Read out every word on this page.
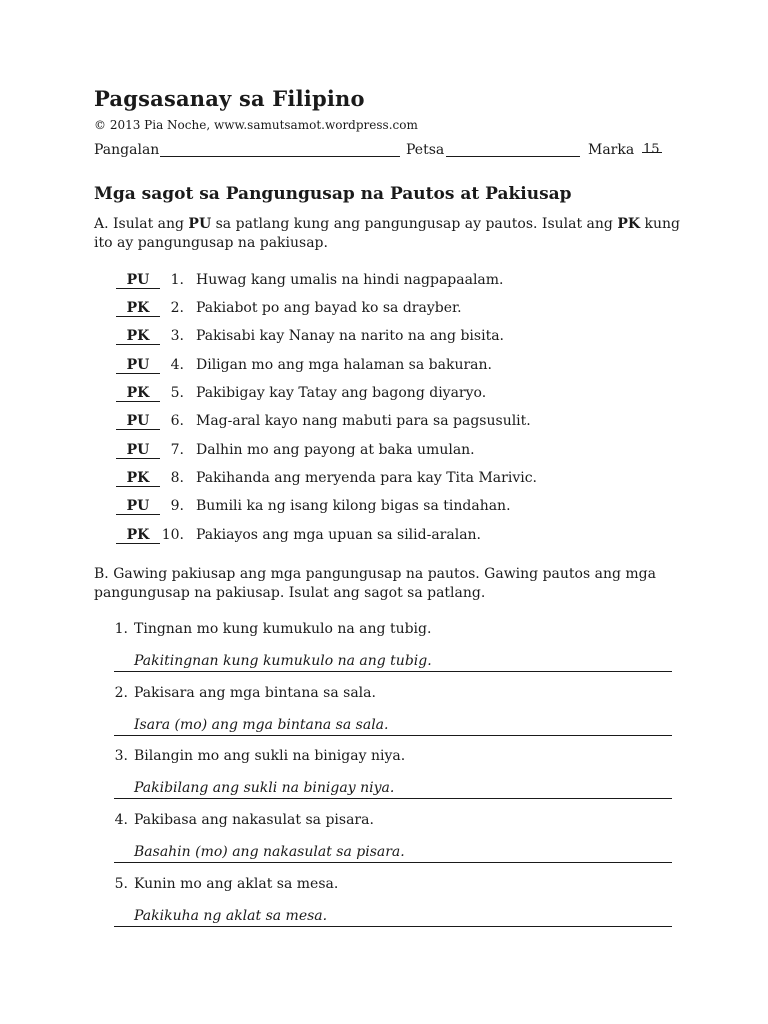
Pagsasanay sa Filipino
© 2013 Pia Noche, www.samutsamot.wordpress.com
Pangalan	Petsa	Marka 15
Mga sagot sa Pangungusap na Pautos at Pakiusap
A. Isulat ang PU sa patlang kung ang pangungusap ay pautos. Isulat ang PK kung ito ay pangungusap na pakiusap.
PU	1. Huwag kang umalis na hindi nagpapaalam.
PK	2. Pakiabot po ang bayad ko sa drayber.
PK	3. Pakisabi kay Nanay na narito na ang bisita.
PU	4. Diligan mo ang mga halaman sa bakuran.
PK	5. Pakibigay kay Tatay ang bagong diyaryo.
PU	6. Mag-aral kayo nang mabuti para sa pagsusulit.
PU	7. Dalhin mo ang payong at baka umulan.
PK	8. Pakihanda ang meryenda para kay Tita Marivic.
PU	9. Bumili ka ng isang kilong bigas sa tindahan.
PK 10. Pakiayos ang mga upuan sa silid-aralan.
B. Gawing pakiusap ang mga pangungusap na pautos. Gawing pautos ang mga pangungusap na pakiusap. Isulat ang sagot sa patlang.
1. Tingnan mo kung kumukulo na ang tubig.
Pakitingnan kung kumukulo na ang tubig.
2. Pakisara ang mga bintana sa sala.
Isara (mo) ang mga bintana sa sala.
3. Bilangin mo ang sukli na binigay niya.
Pakibilang ang sukli na binigay niya.
4. Pakibasa ang nakasulat sa pisara.
Basahin (mo) ang nakasulat sa pisara.
5. Kunin mo ang aklat sa mesa.
Pakikuha ng aklat sa mesa.
